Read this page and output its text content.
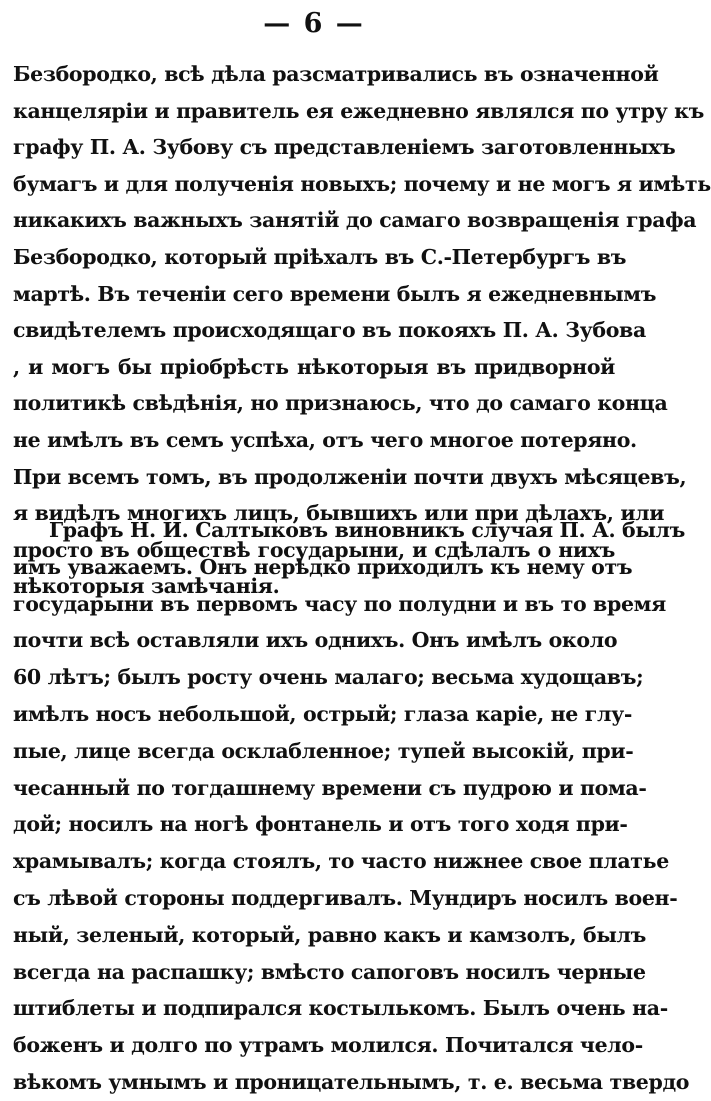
— 6 —
Безбородко, всѣ дѣла разсматривались въ означенной
канцеляріи и правитель ея ежедневно являлся по утру къ
графу П. А. Зубову съ представленіемъ заготовленныхъ
бумагъ и для полученія новыхъ; почему и не могъ я имѣть
никакихъ важныхъ занятій до самаго возвращенія графа
Безбородко, который пріѣхалъ въ С.-Петербургъ въ
мартѣ. Въ теченіи сего времени былъ я ежедневнымъ
свидѣтелемъ происходящаго въ покояхъ П. А. Зубова
, и могъ бы пріобрѣсть нѣкоторыя въ придворной
политикѣ свѣдѣнія, но признаюсь, что до самаго конца
не имѣлъ въ семъ успѣха, отъ чего многое потеряно.
При всемъ томъ, въ продолженіи почти двухъ мѣсяцевъ,
я видѣлъ многихъ лицъ, бывшихъ или при дѣлахъ, или
просто въ обществѣ государыни, и сдѣлалъ о нихъ
нѣкоторыя замѣчанія.
Графъ Н. И. Салтыковъ виновникъ случая П. А. былъ
имъ уважаемъ. Онъ нерѣдко приходилъ къ нему отъ
государыни въ первомъ часу по полудни и въ то время
почти всѣ оставляли ихъ однихъ. Онъ имѣлъ около
60 лѣтъ; былъ росту очень малаго; весьма худощавъ;
имѣлъ носъ небольшой, острый; глаза каріе, не глу-
пые, лице всегда осклабленное; тупей высокій, при-
чесанный по тогдашнему времени съ пудрою и пома-
дой; носилъ на ногѣ фонтанель и отъ того ходя при-
храмывалъ; когда стоялъ, то часто нижнее свое платье
съ лѣвой стороны поддергивалъ. Мундиръ носилъ воен-
ный, зеленый, который, равно какъ и камзолъ, былъ
всегда на распашку; вмѣсто сапоговъ носилъ черные
штиблеты и подпирался костылькомъ. Былъ очень на-
боженъ и долго по утрамъ молился. Почитался чело-
вѣкомъ умнымъ и проницательнымъ, т. е. весьма твердо
